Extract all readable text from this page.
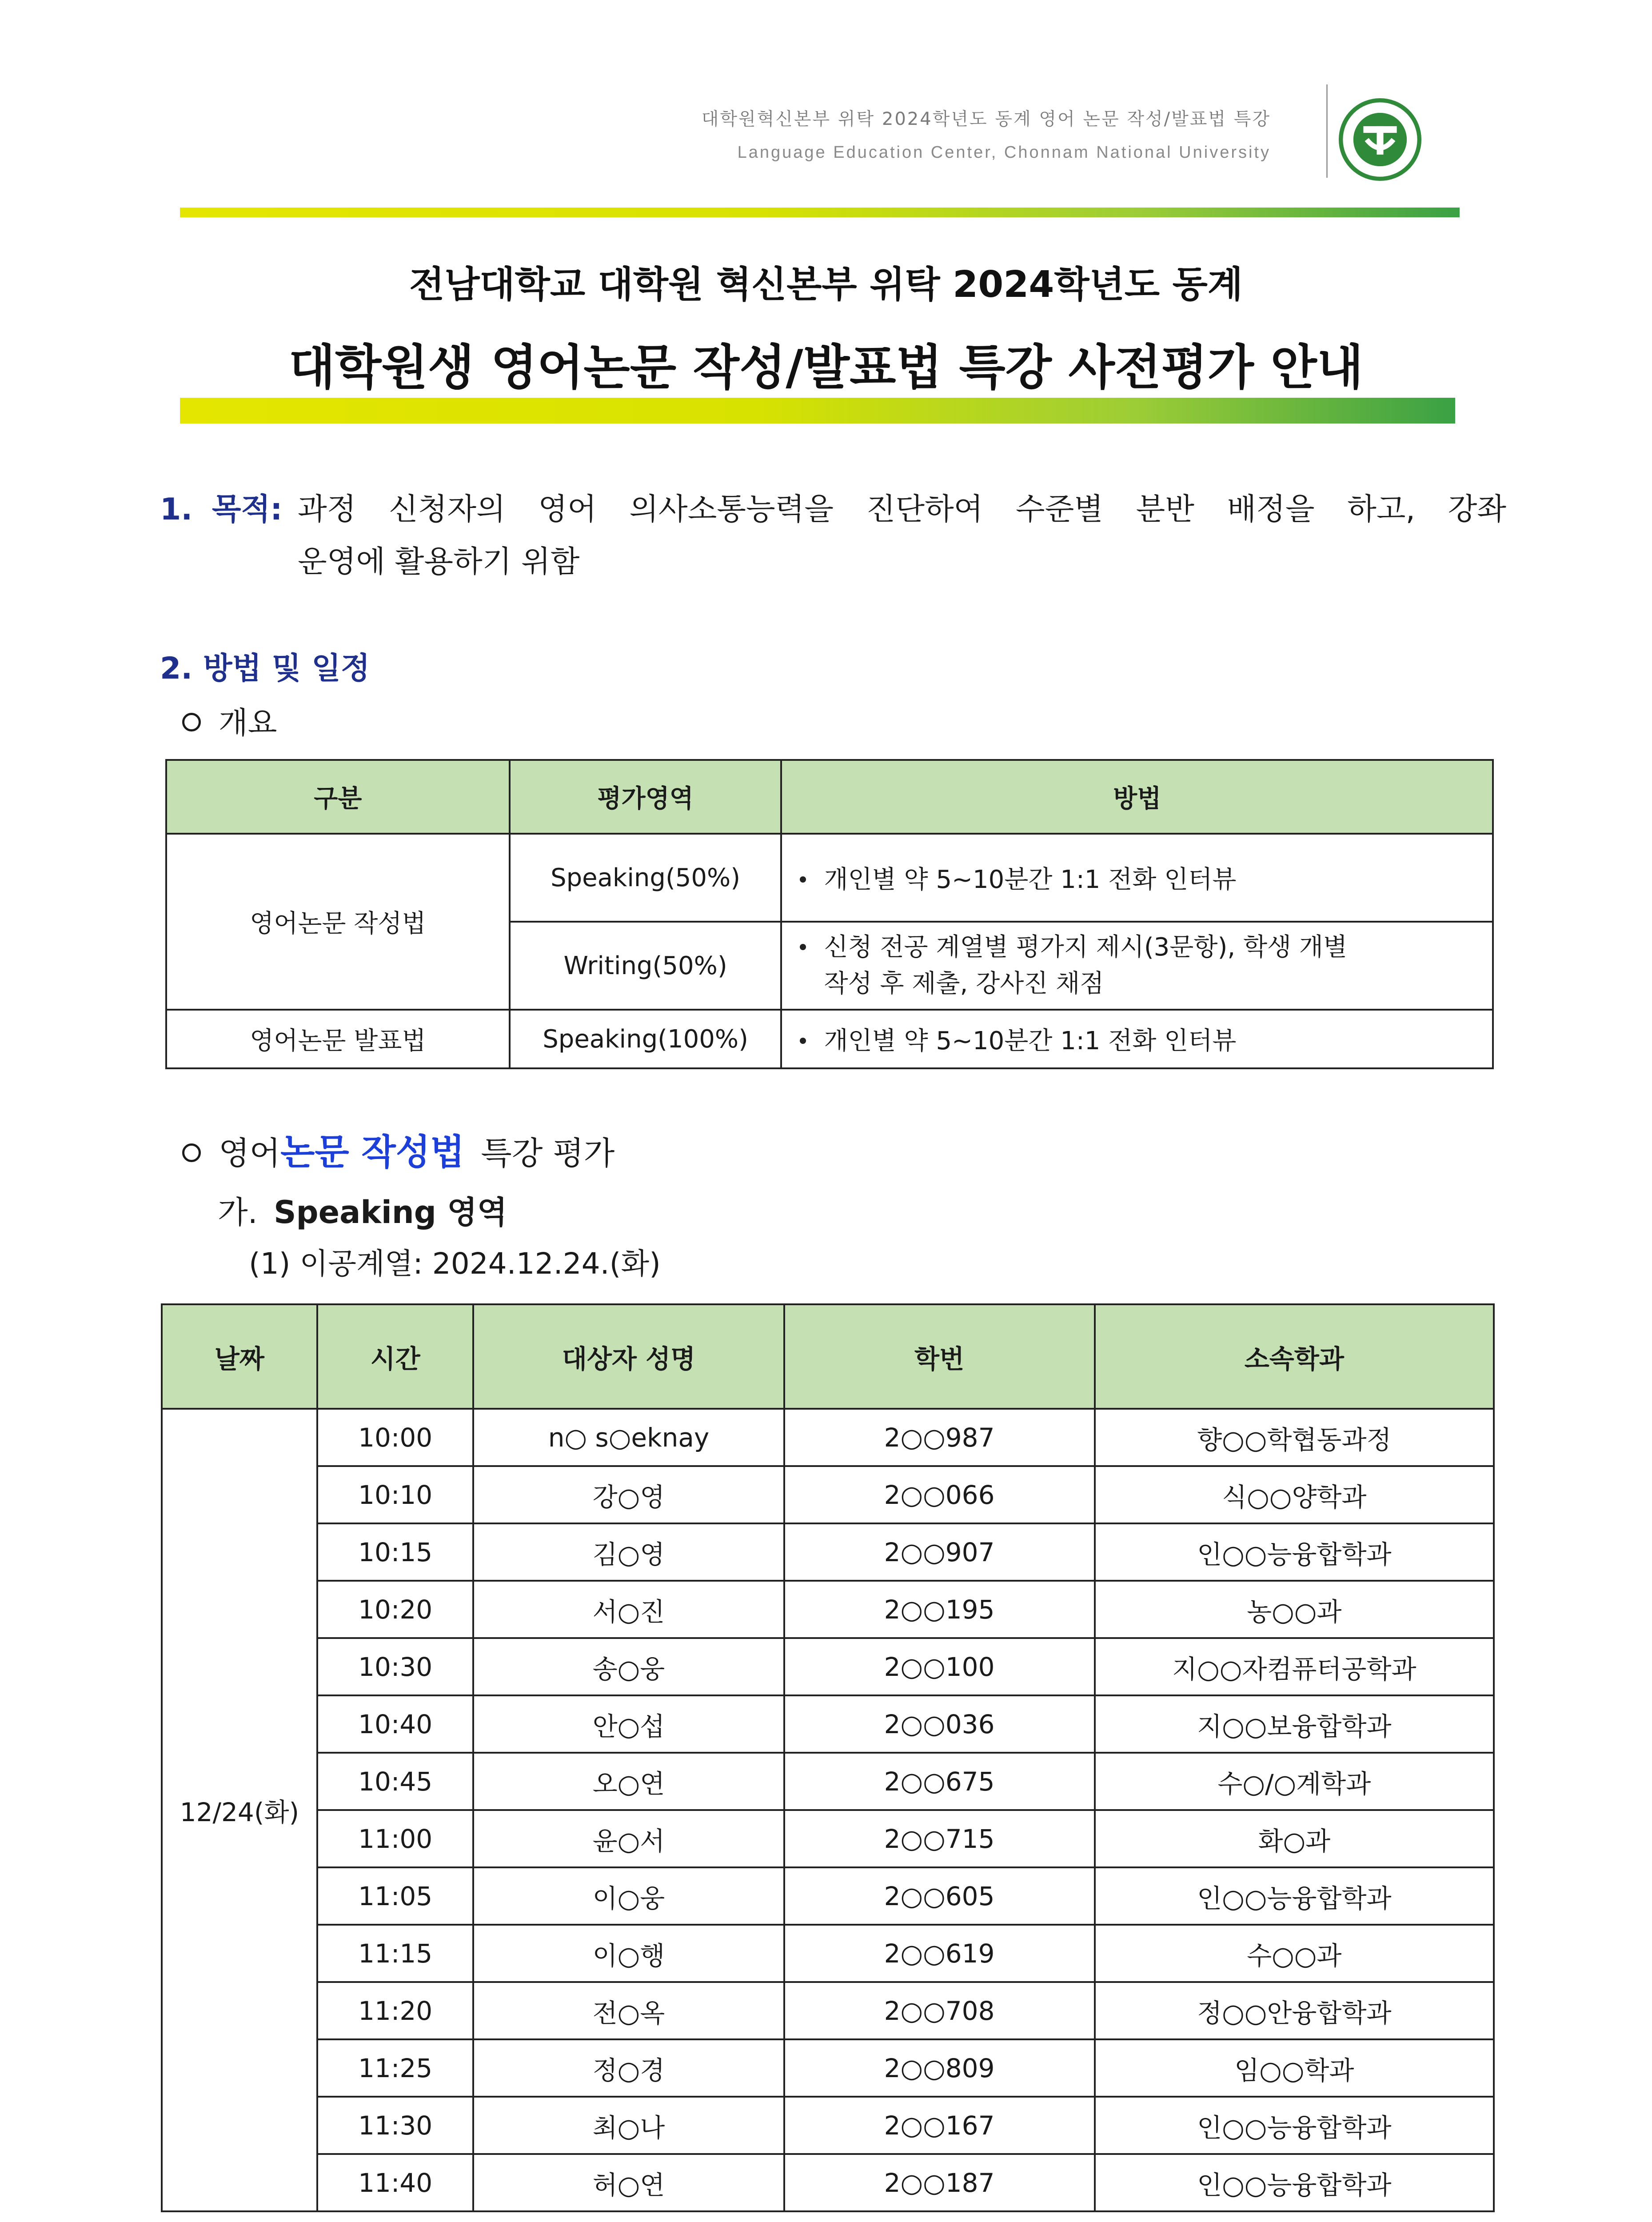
대학원혁신본부 위탁 2024학년도 동계 영어 논문 작성/발표법 특강
Language Education Center, Chonnam National University
전남대학교 대학원 혁신본부 위탁 2024학년도 동계
대학원생 영어논문 작성/발표법 특강 사전평가 안내
1. 목적: 과정 신청자의 영어 의사소통능력을 진단하여 수준별 분반 배정을 하고, 강좌
운영에 활용하기 위함
2. 방법 및 일정
개요
구분	평가영역	방법
영어논문 작성법	Speaking(50%)	개인별 약 5~10분간 1:1 전화 인터뷰
	Writing(50%)	신청 전공 계열별 평가지 제시(3문항), 학생 개별
작성 후 제출, 강사진 채점

영어논문 발표법	Speaking(100%)	개인별 약 5~10분간 1:1 전화 인터뷰
영어논문 작성법 특강 평가
가. Speaking 영역
(1) 이공계열: 2024.12.24.(화)
날짜	시간	대상자 성명	학번	소속학과
12/24(화)	10:00	n○ s○eknay	2○○987	향○○학협동과정
	10:10	강○영	2○○066	식○○양학과
	10:15	김○영	2○○907	인○○능융합학과
	10:20	서○진	2○○195	농○○과
	10:30	송○웅	2○○100	지○○자컴퓨터공학과
	10:40	안○섭	2○○036	지○○보융합학과
	10:45	오○연	2○○675	수○/○계학과
	11:00	윤○서	2○○715	화○과
	11:05	이○웅	2○○605	인○○능융합학과
	11:15	이○행	2○○619	수○○과
	11:20	전○옥	2○○708	정○○안융합학과
	11:25	정○경	2○○809	임○○학과
	11:30	최○나	2○○167	인○○능융합학과
	11:40	허○연	2○○187	인○○능융합학과
